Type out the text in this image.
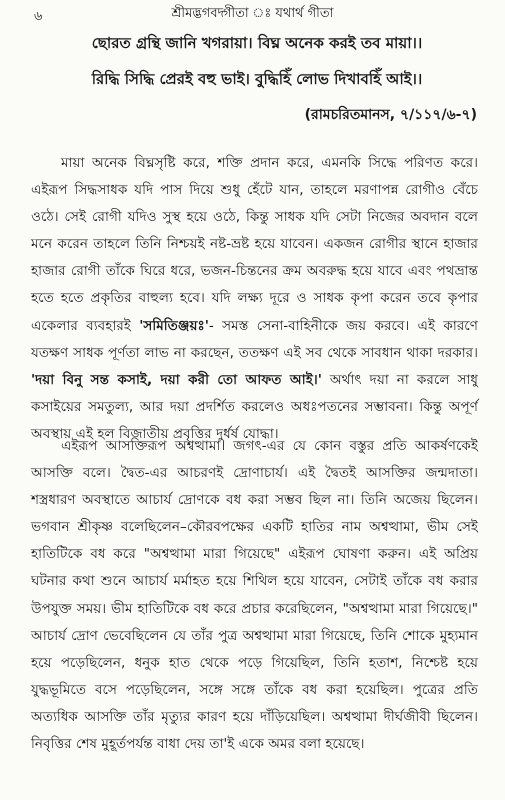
৬	শ্রীমদ্ভগবদ্গীতা ঃ যথার্থ গীতা
ছোরত গ্রন্থি জানি খগরায়া। বিঘ্ন অনেক করই তব মায়া।।
রিদ্ধি সিদ্ধি প্রেরই বহু ভাই। বুদ্ধিহিঁ লোভ দিখাবহিঁ আই।।
(রামচরিতমানস, ৭/১১৭/৬-৭)
মায়া অনেক বিঘ্নসৃষ্টি করে, শক্তি প্রদান করে, এমনকি সিদ্ধে পরিণত করে। এইরূপ সিদ্ধসাধক যদি পাস দিয়ে শুধু হেঁটে যান, তাহলে মরণাপন্ন রোগীও বেঁচে ওঠে। সেই রোগী যদিও সুস্থ হয়ে ওঠে, কিন্তু সাধক যদি সেটা নিজের অবদান বলে মনে করেন তাহলে তিনি নিশ্চয়ই নষ্ট-ভ্রষ্ট হয়ে যাবেন। একজন রোগীর স্থানে হাজার হাজার রোগী তাঁকে ঘিরে ধরে, ভজন-চিন্তনের ক্রম অবরুদ্ধ হয়ে যাবে এবং পথভ্রান্ত হতে হতে প্রকৃতির বাহুল্য হবে। যদি লক্ষ্য দূরে ও সাধক কৃপা করেন তবে কৃপার একেলার ব্যবহারই 'সমিতিঞ্জয়ঃ'- সমস্ত সেনা-বাহিনীকে জয় করবে। এই কারণে যতক্ষণ সাধক পূর্ণতা লাভ না করছেন, ততক্ষণ এই সব থেকে সাবধান থাকা দরকার। 'দয়া বিনু সন্ত কসাই, দয়া করী তো আফত আই।' অর্থাৎ দয়া না করলে সাধু কসাইয়ের সমতুল্য, আর দয়া প্রদর্শিত করলেও অধঃপতনের সম্ভাবনা। কিন্তু অপূর্ণ অবস্থায় এই হল বিজাতীয় প্রবৃত্তির দুর্ধর্ষ যোদ্ধা।
এইরূপ আসক্তিরূপ অশ্বত্থামা। জগৎ-এর যে কোন বস্তুর প্রতি আকর্ষণকেই আসক্তি বলে। দ্বৈত-এর আচরণই দ্রোণাচার্য। এই দ্বৈতই আসক্তির জন্মদাতা। শস্ত্রধারণ অবস্থাতে আচার্য দ্রোণকে বধ করা সম্ভব ছিল না। তিনি অজেয় ছিলেন। ভগবান শ্রীকৃষ্ণ বলেছিলেন–কৌরবপক্ষের একটি হাতির নাম অশ্বত্থামা, ভীম সেই হাতিটিকে বধ করে "অশ্বত্থামা মারা গিয়েছে" এইরূপ ঘোষণা করুন। এই অপ্রিয় ঘটনার কথা শুনে আচার্য মর্মাহত হয়ে শিথিল হয়ে যাবেন, সেটাই তাঁকে বধ করার উপযুক্ত সময়। ভীম হাতিটিকে বধ করে প্রচার করেছিলেন, "অশ্বত্থামা মারা গিয়েছে।" আচার্য দ্রোণ ভেবেছিলেন যে তাঁর পুত্র অশ্বত্থামা মারা গিয়েছে, তিনি শোকে মুহ্যমান হয়ে পড়েছিলেন, ধনুক হাত থেকে পড়ে গিয়েছিল, তিনি হতাশ, নিশ্চেষ্ট হয়ে যুদ্ধভূমিতে বসে পড়েছিলেন, সঙ্গে সঙ্গে তাঁকে বধ করা হয়েছিল। পুত্রের প্রতি অত্যধিক আসক্তি তাঁর মৃত্যুর কারণ হয়ে দাঁড়িয়েছিল। অশ্বত্থামা দীর্ঘজীবী ছিলেন। নিবৃত্তির শেষ মুহূর্তপর্যন্ত বাধা দেয় তা'ই একে অমর বলা হয়েছে।
